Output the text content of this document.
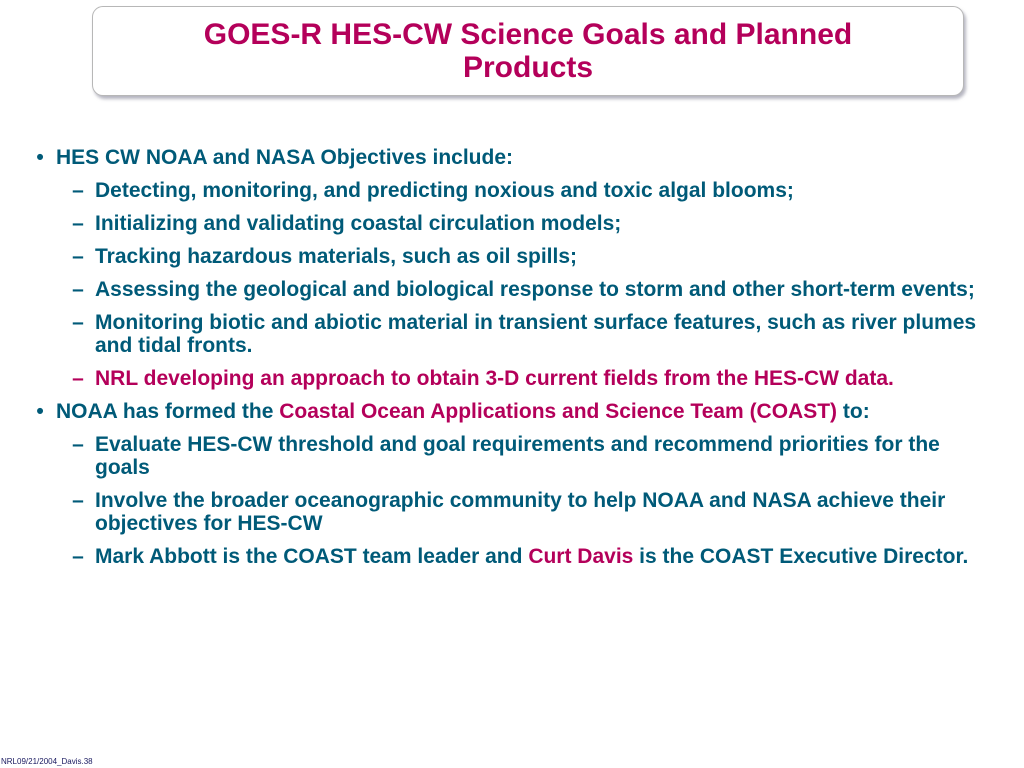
GOES-R HES-CW Science Goals and Planned Products
• HES CW NOAA and NASA Objectives include:
– Detecting, monitoring, and predicting noxious and toxic algal blooms;
– Initializing and validating coastal circulation models;
– Tracking hazardous materials, such as oil spills;
– Assessing the geological and biological response to storm and other short-term events;
– Monitoring biotic and abiotic material in transient surface features, such as river plumes and tidal fronts.
– NRL developing an approach to obtain 3-D current fields from the HES-CW data.
• NOAA has formed the Coastal Ocean Applications and Science Team (COAST) to:
– Evaluate HES-CW threshold and goal requirements and recommend priorities for the goals
– Involve the broader oceanographic community to help NOAA and NASA achieve their objectives for HES-CW
– Mark Abbott is the COAST team leader and Curt Davis is the COAST Executive Director.
NRL09/21/2004_Davis.38
